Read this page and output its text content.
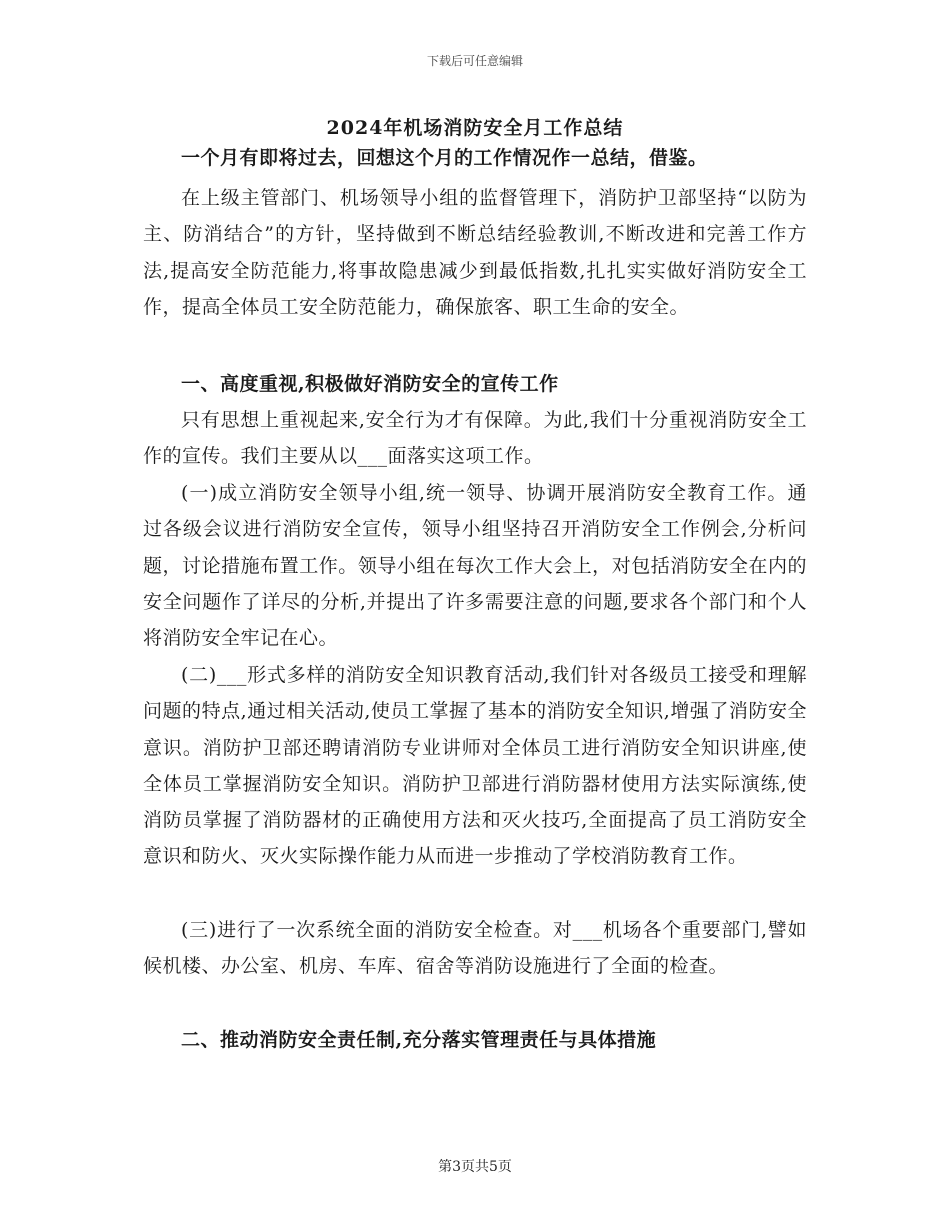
下载后可任意编辑
2024年机场消防安全月工作总结

一个月有即将过去，回想这个月的工作情况作一总结，借鉴。

在上级主管部门、机场领导小组的监督管理下，消防护卫部坚持“以防为主、防消结合”的方针，坚持做到不断总结经验教训,不断改进和完善工作方法,提高安全防范能力,将事故隐患减少到最低指数,扎扎实实做好消防安全工作，提高全体员工安全防范能力，确保旅客、职工生命的安全。

一、高度重视,积极做好消防安全的宣传工作

只有思想上重视起来,安全行为才有保障。为此,我们十分重视消防安全工作的宣传。我们主要从以___面落实这项工作。

(一)成立消防安全领导小组,统一领导、协调开展消防安全教育工作。通过各级会议进行消防安全宣传，领导小组坚持召开消防安全工作例会,分析问题，讨论措施布置工作。领导小组在每次工作大会上，对包括消防安全在内的安全问题作了详尽的分析,并提出了许多需要注意的问题,要求各个部门和个人将消防安全牢记在心。

(二)___形式多样的消防安全知识教育活动,我们针对各级员工接受和理解问题的特点,通过相关活动,使员工掌握了基本的消防安全知识,增强了消防安全意识。消防护卫部还聘请消防专业讲师对全体员工进行消防安全知识讲座,使全体员工掌握消防安全知识。消防护卫部进行消防器材使用方法实际演练,使消防员掌握了消防器材的正确使用方法和灭火技巧,全面提高了员工消防安全意识和防火、灭火实际操作能力从而进一步推动了学校消防教育工作。

(三)进行了一次系统全面的消防安全检查。对___机场各个重要部门,譬如候机楼、办公室、机房、车库、宿舍等消防设施进行了全面的检查。

二、推动消防安全责任制,充分落实管理责任与具体措施

第3页共5页
